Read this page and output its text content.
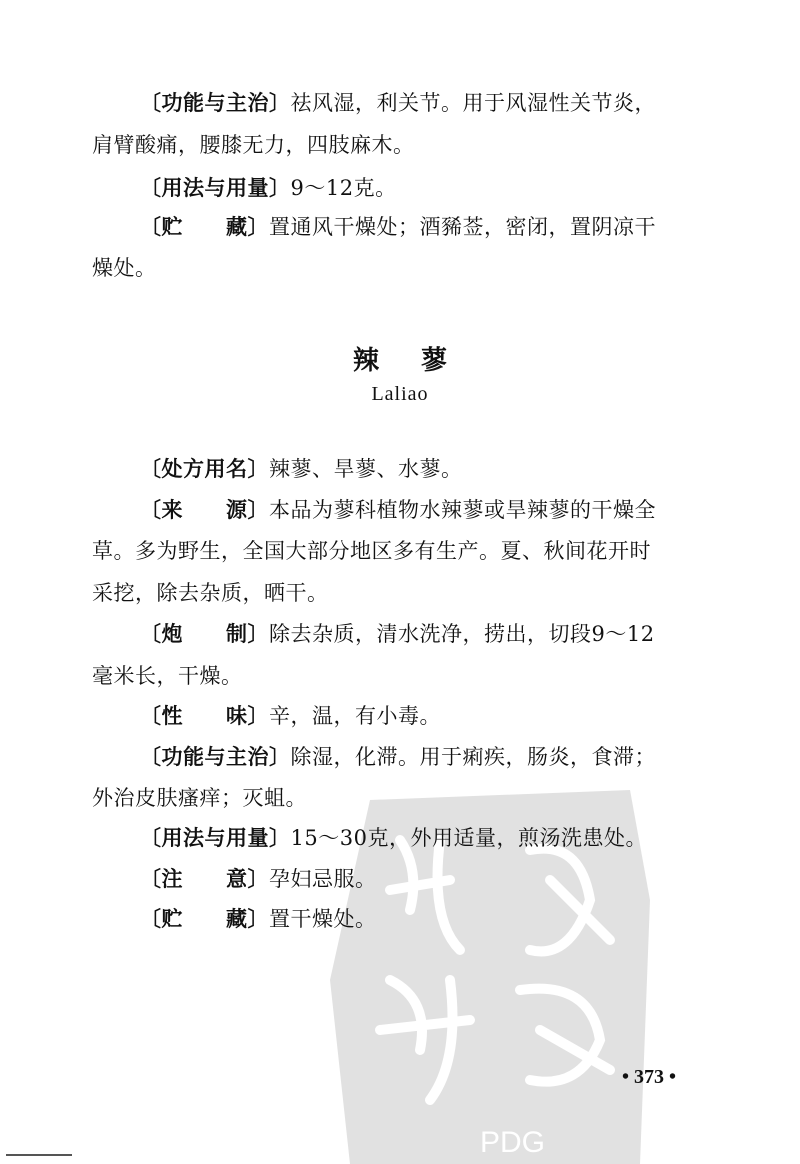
PDG
〔功能与主治〕祛风湿，利关节。用于风湿性关节炎，
肩臂酸痛，腰膝无力，四肢麻木。
〔用法与用量〕9～12克。
〔贮　　藏〕置通风干燥处；酒豨莶，密闭，置阴凉干
燥处。
辣蓼
Laliao
〔处方用名〕辣蓼、旱蓼、水蓼。
〔来　　源〕本品为蓼科植物水辣蓼或旱辣蓼的干燥全
草。多为野生，全国大部分地区多有生产。夏、秋间花开时
采挖，除去杂质，晒干。
〔炮　　制〕除去杂质，清水洗净，捞出，切段9～12
毫米长，干燥。
〔性　　味〕辛，温，有小毒。
〔功能与主治〕除湿，化滞。用于痢疾，肠炎，食滞；
外治皮肤瘙痒；灭蛆。
〔用法与用量〕15～30克，外用适量，煎汤洗患处。
〔注　　意〕孕妇忌服。
〔贮　　藏〕置干燥处。
• 373 •
